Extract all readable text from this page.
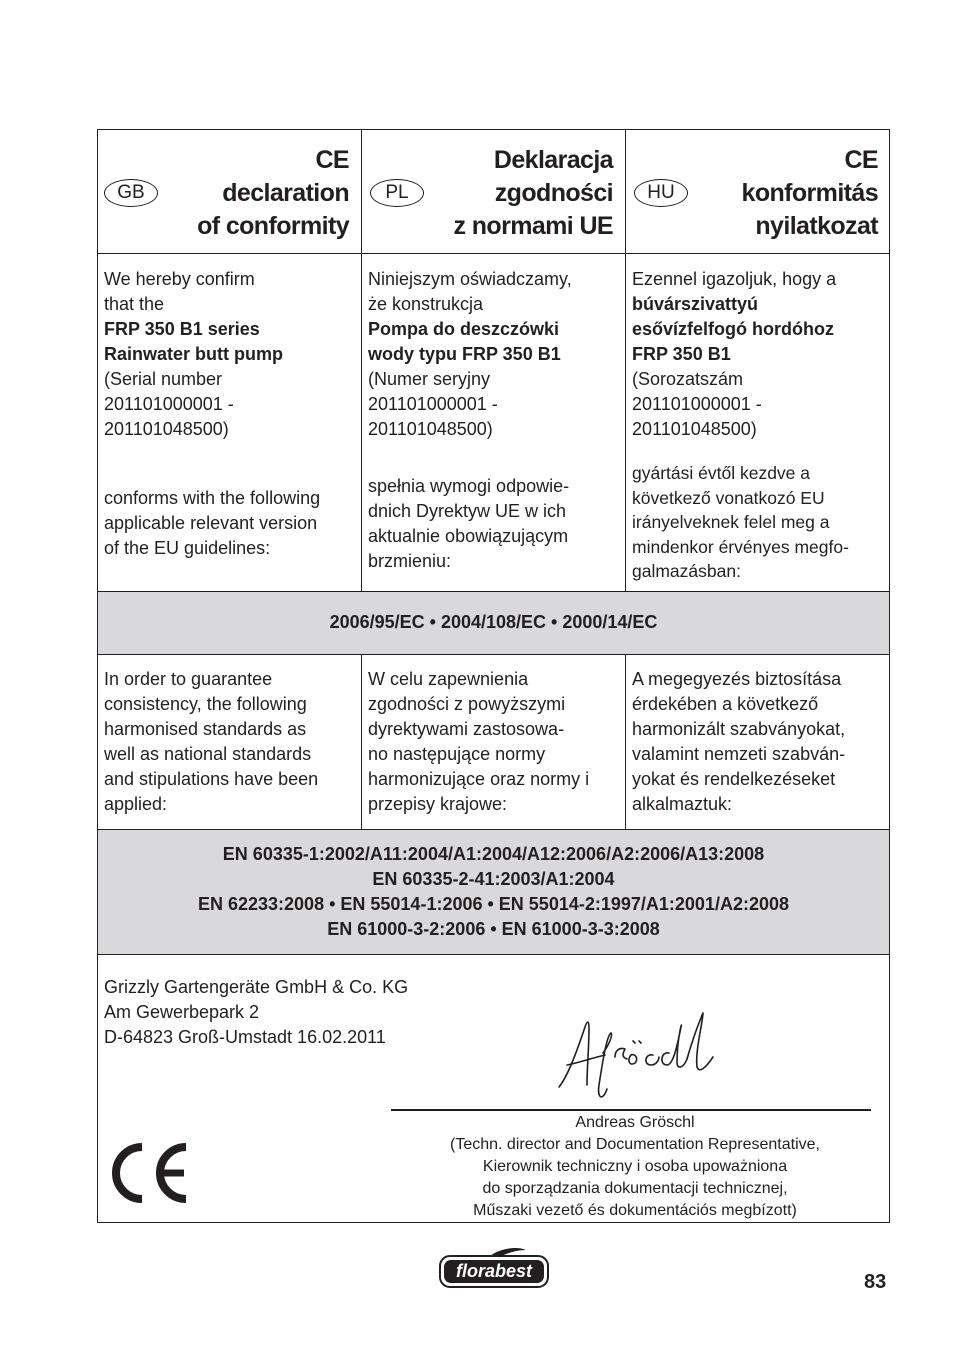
GB
CE
declaration
of conformity
PL
Deklaracja
zgodności
z normami UE
HU
CE
konformitás
nyilatkozat
We hereby confirm
that the
FRP 350 B1 series
Rainwater butt pump
(Serial number
201101000001 -
201101048500)
conforms with the following
applicable relevant version
of the EU guidelines:
Niniejszym oświadczamy,
że konstrukcja
Pompa do deszczówki
wody typu FRP 350 B1
(Numer seryjny
201101000001 -
201101048500)
spełnia wymogi odpowie-
dnich Dyrektyw UE w ich
aktualnie obowiązującym
brzmieniu:
Ezennel igazoljuk, hogy a
búvárszivattyú
esővízfelfogó hordóhoz
FRP 350 B1
(Sorozatszám
201101000001 -
201101048500)
gyártási évtől kezdve a
következő vonatkozó EU
irányelveknek felel meg a
mindenkor érvényes megfo-
galmazásban:
2006/95/EC • 2004/108/EC • 2000/14/EC
In order to guarantee
consistency, the following
harmonised standards as
well as national standards
and stipulations have been
applied:
W celu zapewnienia
zgodności z powyższymi
dyrektywami zastosowa-
no następujące normy
harmonizujące oraz normy i
przepisy krajowe:
A megegyezés biztosítása
érdekében a következő
harmonizált szabványokat,
valamint nemzeti szabván-
yokat és rendelkezéseket
alkalmaztuk:
EN 60335-1:2002/A11:2004/A1:2004/A12:2006/A2:2006/A13:2008
EN 60335-2-41:2003/A1:2004
EN 62233:2008 • EN 55014-1:2006 • EN 55014-2:1997/A1:2001/A2:2008
EN 61000-3-2:2006 • EN 61000-3-3:2008
Grizzly Gartengeräte GmbH & Co. KG
Am Gewerbepark 2
D-64823 Groß-Umstadt 16.02.2011
Andreas Gröschl
(Techn. director and Documentation Representative,
Kierownik techniczny i osoba upoważniona
do sporządzania dokumentacji technicznej,
Műszaki vezető és dokumentációs megbízott)
florabest	83
